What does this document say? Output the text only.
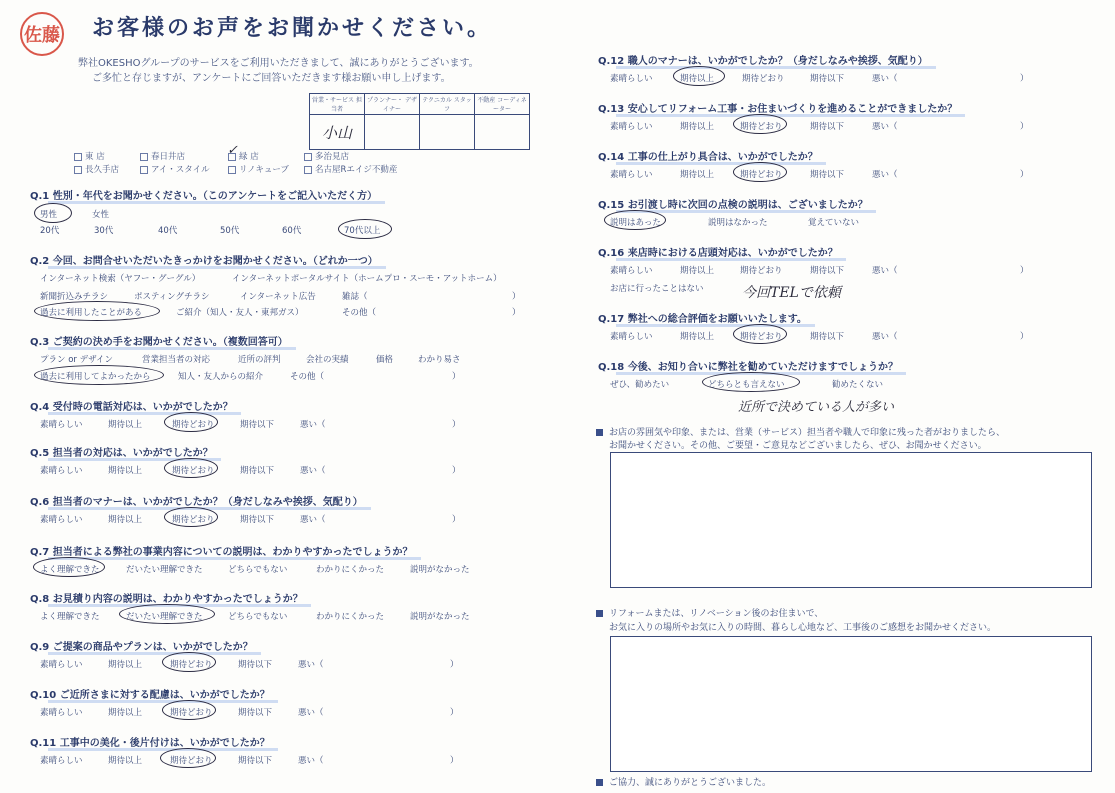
佐藤 お客様のお声をお聞かせください。
弊社OKESHOグループのサービスをご利用いただきまして、誠にありがとうございます。
ご多忙と存じますが、アンケートにご回答いただきます様お願い申し上げます。
営業・サービス 担当者	プランナー・ デザイナー	テクニカル スタッフ	不動産 コーディネーター
小山			
東 店	春日井店	緑 店
✓	多治見店
長久手店	アイ・スタイル	リノキューブ	名古屋Rエイジ不動産
Q.1 性別・年代をお聞かせください。（このアンケートをご記入いただく方）
男性	女性
20代	30代	40代	50代	60代	70代以上
Q.2 今回、お問合せいただいたきっかけをお聞かせください。（どれか一つ）
インターネット検索（ヤフー・グーグル）	インターネットポータルサイト（ホームプロ・スーモ・アットホーム）
新聞折込みチラシ	ポスティングチラシ	インターネット広告	雑誌（	）
過去に利用したことがある	ご紹介（知人・友人・東邦ガス）	その他（	）
Q.3 ご契約の決め手をお聞かせください。（複数回答可）
プラン or デザイン	営業担当者の対応	近所の評判	会社の実績	価格	わかり易さ
過去に利用してよかったから	知人・友人からの紹介	その他（	）
Q.4 受付時の電話対応は、いかがでしたか？
素晴らしい	期待以上	期待どおり	期待以下	悪い（	）
Q.5 担当者の対応は、いかがでしたか？
素晴らしい	期待以上	期待どおり	期待以下	悪い（	）
Q.6 担当者のマナーは、いかがでしたか？（身だしなみや挨拶、気配り）
素晴らしい	期待以上	期待どおり	期待以下	悪い（	）
Q.7 担当者による弊社の事業内容についての説明は、わかりやすかったでしょうか？
よく理解できた	だいたい理解できた	どちらでもない	わかりにくかった	説明がなかった
Q.8 お見積り内容の説明は、わかりやすかったでしょうか？
よく理解できた	だいたい理解できた	どちらでもない	わかりにくかった	説明がなかった
Q.9 ご提案の商品やプランは、いかがでしたか？
素晴らしい	期待以上	期待どおり	期待以下	悪い（	）
Q.10 ご近所さまに対する配慮は、いかがでしたか？
素晴らしい	期待以上	期待どおり	期待以下	悪い（	）
Q.11 工事中の美化・後片付けは、いかがでしたか？
素晴らしい	期待以上	期待どおり	期待以下	悪い（	）
Q.12 職人のマナーは、いかがでしたか？（身だしなみや挨拶、気配り）
素晴らしい	期待以上	期待どおり	期待以下	悪い（	）
Q.13 安心してリフォーム工事・お住まいづくりを進めることができましたか？
素晴らしい	期待以上	期待どおり	期待以下	悪い（	）
Q.14 工事の仕上がり具合は、いかがでしたか？
素晴らしい	期待以上	期待どおり	期待以下	悪い（	）
Q.15 お引渡し時に次回の点検の説明は、ございましたか？
説明はあった	説明はなかった	覚えていない
Q.16 来店時における店頭対応は、いかがでしたか？
素晴らしい	期待以上	期待どおり	期待以下	悪い（	）
お店に行ったことはない	今回TELで依頼
Q.17 弊社への総合評価をお願いいたします。
素晴らしい	期待以上	期待どおり	期待以下	悪い（	）
Q.18 今後、お知り合いに弊社を勧めていただけますでしょうか？
ぜひ、勧めたい	どちらとも言えない	勧めたくない
近所で決めている人が多い
お店の雰囲気や印象、または、営業（サービス）担当者や職人で印象に残った者がおりましたら、
お聞かせください。その他、ご要望・ご意見などございましたら、ぜひ、お聞かせください。
リフォームまたは、リノベーション後のお住まいで、
お気に入りの場所やお気に入りの時間、暮らし心地など、工事後のご感想をお聞かせください。
ご協力、誠にありがとうございました。
